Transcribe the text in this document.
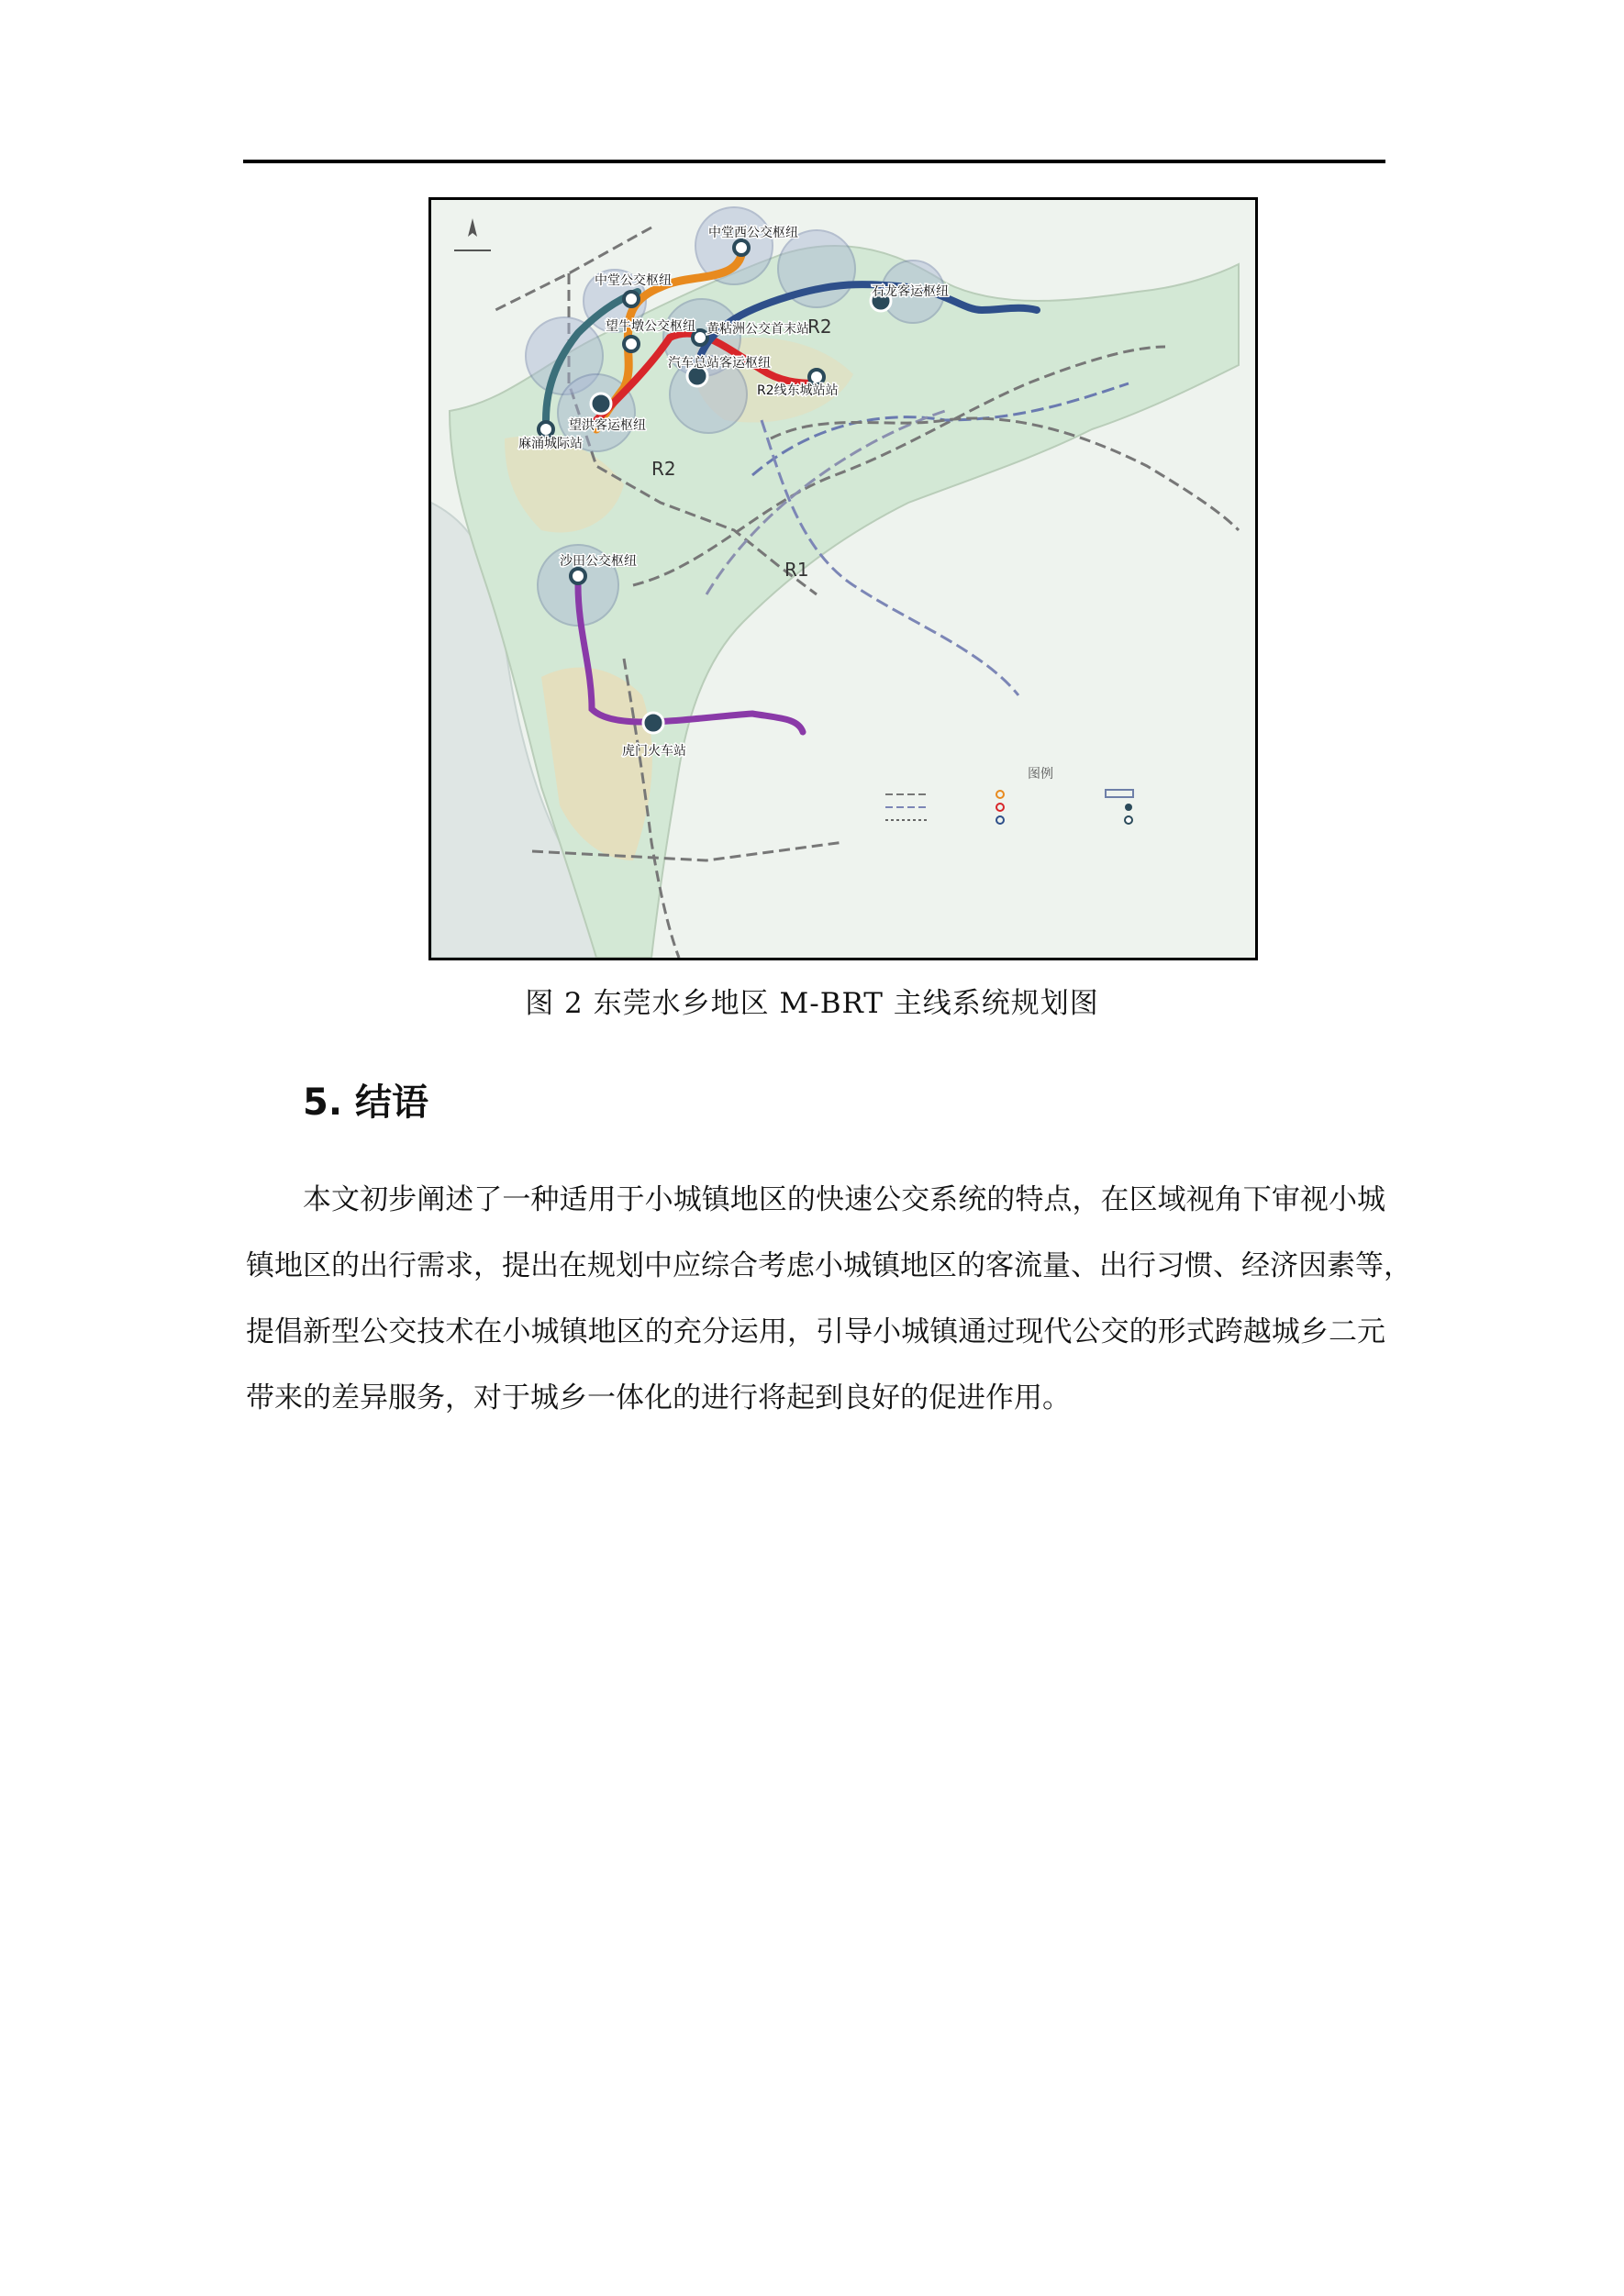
中堂西公交枢纽
中堂公交枢纽
望牛墩公交枢纽 黄粘洲公交首末站
石龙客运枢纽
麻涌城际站
望洪客运枢纽
汽车总站客运枢纽
R2线东城站站
沙田公交枢纽
虎门火车站
R1
R2
R2
图例
图 2 东莞水乡地区 M-BRT 主线系统规划图
5. 结语
本文初步阐述了一种适用于小城镇地区的快速公交系统的特点，在区域视角下审视小城
镇地区的出行需求，提出在规划中应综合考虑小城镇地区的客流量、出行习惯、经济因素等，
提倡新型公交技术在小城镇地区的充分运用，引导小城镇通过现代公交的形式跨越城乡二元
带来的差异服务，对于城乡一体化的进行将起到良好的促进作用。
